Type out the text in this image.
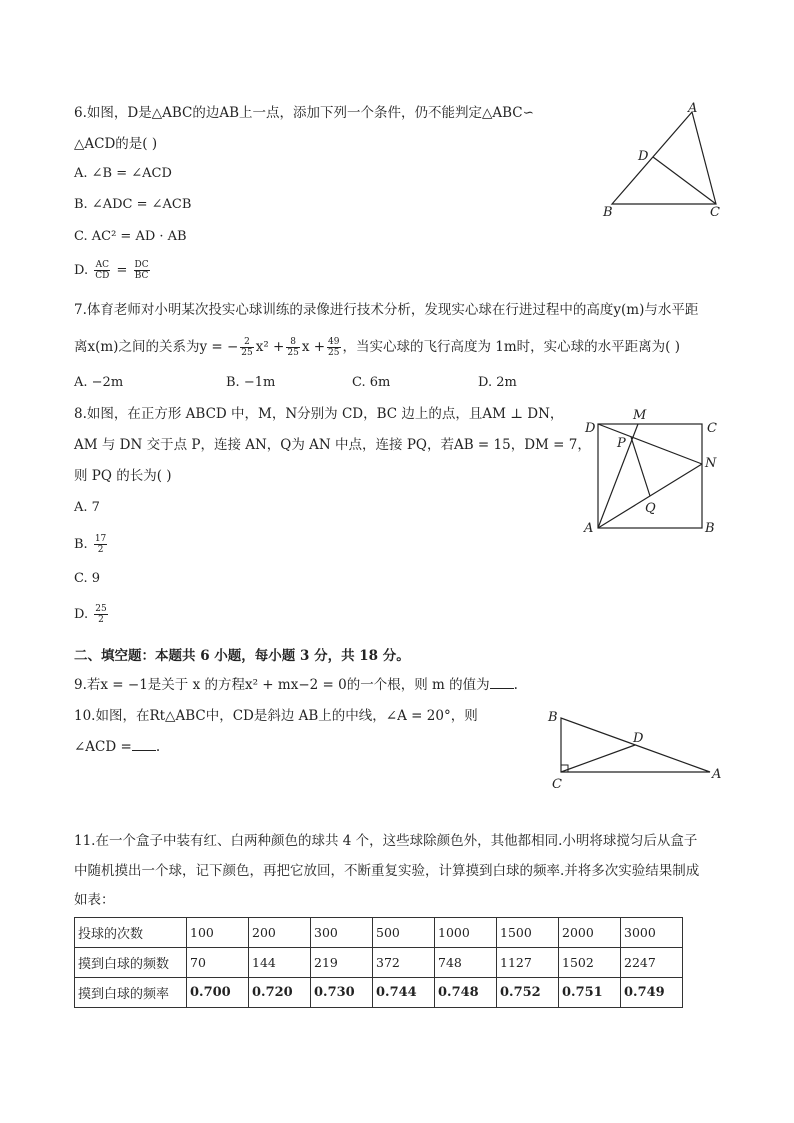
6.如图，D是△ABC的边AB上一点，添加下列一个条件，仍不能判定△ABC∽
△ACD的是( )
A. ∠B = ∠ACD
B. ∠ADC = ∠ACB
C. AC² = AD · AB
D. $\frac{AC}{CD} = \frac{DC}{BC}$
A
B	C
D
7.体育老师对小明某次投实心球训练的录像进行技术分析，发现实心球在行进过程中的高度y(m)与水平距
离x(m)之间的关系为y = − $\frac{2}{25} x^2 + \frac{8}{25}$ $x + \frac{49}{25}$ ，当实心球的飞行高度为 1m时，实心球的水平距离为( )
A. −2m	B. −1m	C. 6m	D. 2m
8.如图，在正方形 ABCD 中，M，N分别为 CD，BC 边上的点，且AM ⊥ DN，
AM 与 DN 交于点 P，连接 AN，Q为 AN 中点，连接 PQ，若AB = 15，DM = 7，
则 PQ 的长为( )
A. 7
B. $\frac{17}{2}$
C. 9
D. $\frac{25}{2}$
D	C
A	B
M
N
P
Q
二、填空题：本题共 6 小题，每小题 3 分，共 18 分。
9.若x = −1是关于 x 的方程x² + mx−2 = 0的一个根，则 m 的值为 .
10.如图，在Rt△ABC中，CD是斜边 AB上的中线，∠A = 20°，则
∠ACD = .
B
C
A
D
11.在一个盒子中装有红、白两种颜色的球共 4 个，这些球除颜色外，其他都相同.小明将球搅匀后从盒子
中随机摸出一个球，记下颜色，再把它放回，不断重复实验，计算摸到白球的频率.并将多次实验结果制成
如表：
投球的次数	100	200	300	500	1000	1500	2000	3000
摸到白球的频数	70	144	219	372	748	1127	1502	2247
摸到白球的频率	0.700	0.720	0.730	0.744	0.748	0.752	0.751	0.749
